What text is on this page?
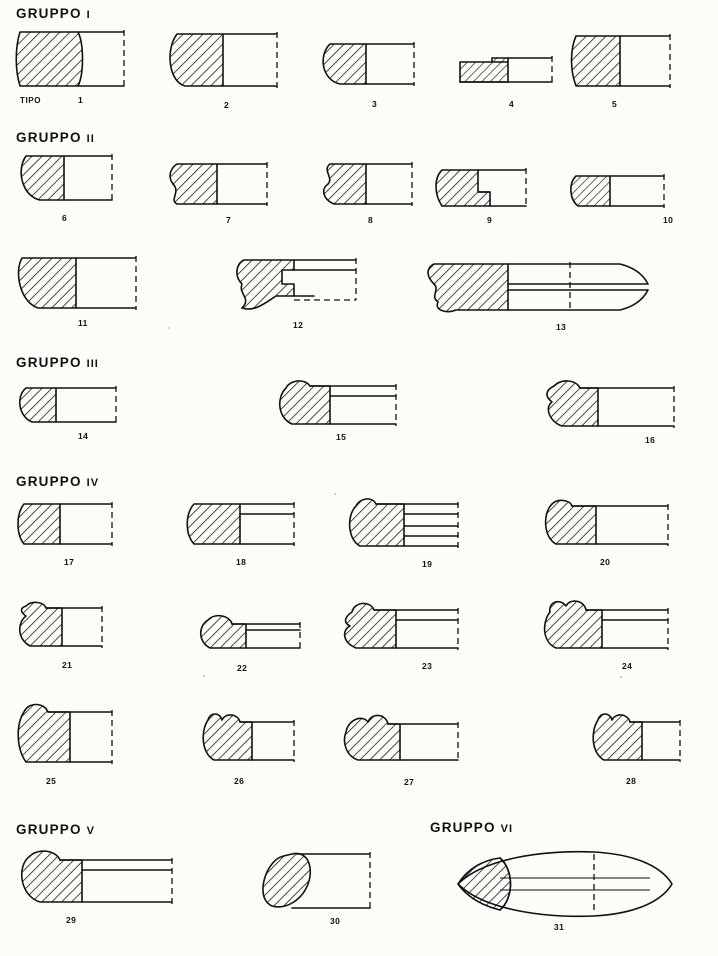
GRUPPO I
GRUPPO II
GRUPPO III
GRUPPO IV
GRUPPO V	GRUPPO VI
TIPO	1	2	3	4	5
6	7	8	9	10
11	12	13
14	15	16
17	18	19	20
21	22	23	24
25	26	27	28
29	30
31
